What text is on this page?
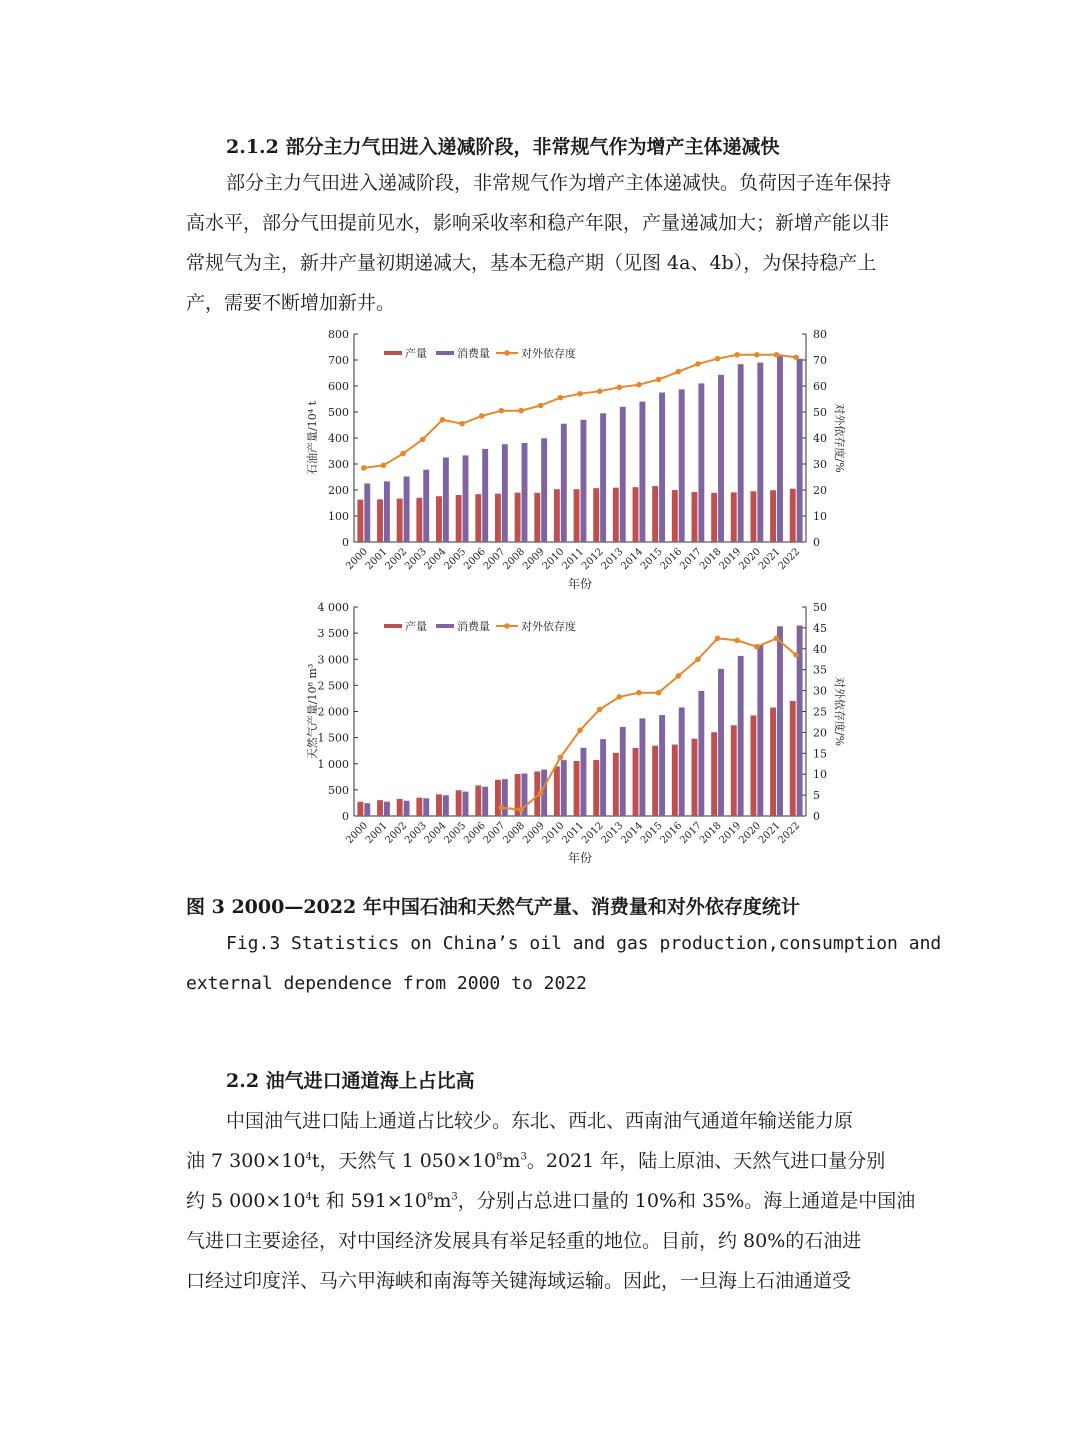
2.1.2 部分主力气田进入递减阶段，非常规气作为增产主体递减快
部分主力气田进入递减阶段，非常规气作为增产主体递减快。负荷因子连年保持高水平，部分气田提前见水，影响采收率和稳产年限，产量递减加大；新增产能以非常规气为主，新井产量初期递减大，基本无稳产期（见图 4a、4b），为保持稳产上产，需要不断增加新井。
0
100
200
300
400
500
600
700
800
0
10
20
30
40
50
60
70
80
2000
2001
2002
2003
2004
2005
2006
2007
2008
2009
2010
2011
2012
2013
2014
2015
2016
2017
2018
2019
2020
2021
2022
产量	消费量	对外依存度
石油产量/10⁴ t	对外依存度/%
年份
0
500
1 000
1 500
2 000
2 500
3 000
3 500
4 000
0
5
10
15
20
25
30
35
40
45
50
2000
2001
2002
2003
2004
2005
2006
2007
2008
2009
2010
2011
2012
2013
2014
2015
2016
2017
2018
2019
2020
2021
2022
产量	消费量	对外依存度
天然气产量/10⁸ m³	对外依存度/%
年份
图 3 2000—2022 年中国石油和天然气产量、消费量和对外依存度统计
Fig.3 Statistics on China’s oil and gas production,consumption and
external dependence from 2000 to 2022
2.2 油气进口通道海上占比高
中国油气进口陆上通道占比较少。东北、西北、西南油气通道年输送能力原
油 7 $300\times 10^4t$，天然气 1 $050\times 10^8m^3$。2021 年，陆上原油、天然气进口量分别
约 5 $000\times 10^4t$ 和 $591\times 10^8m^3$，分别占总进口量的 10%和 35%。海上通道是中国油
气进口主要途径，对中国经济发展具有举足轻重的地位。目前，约 80%的石油进
口经过印度洋、马六甲海峡和南海等关键海域运输。因此，一旦海上石油通道受
